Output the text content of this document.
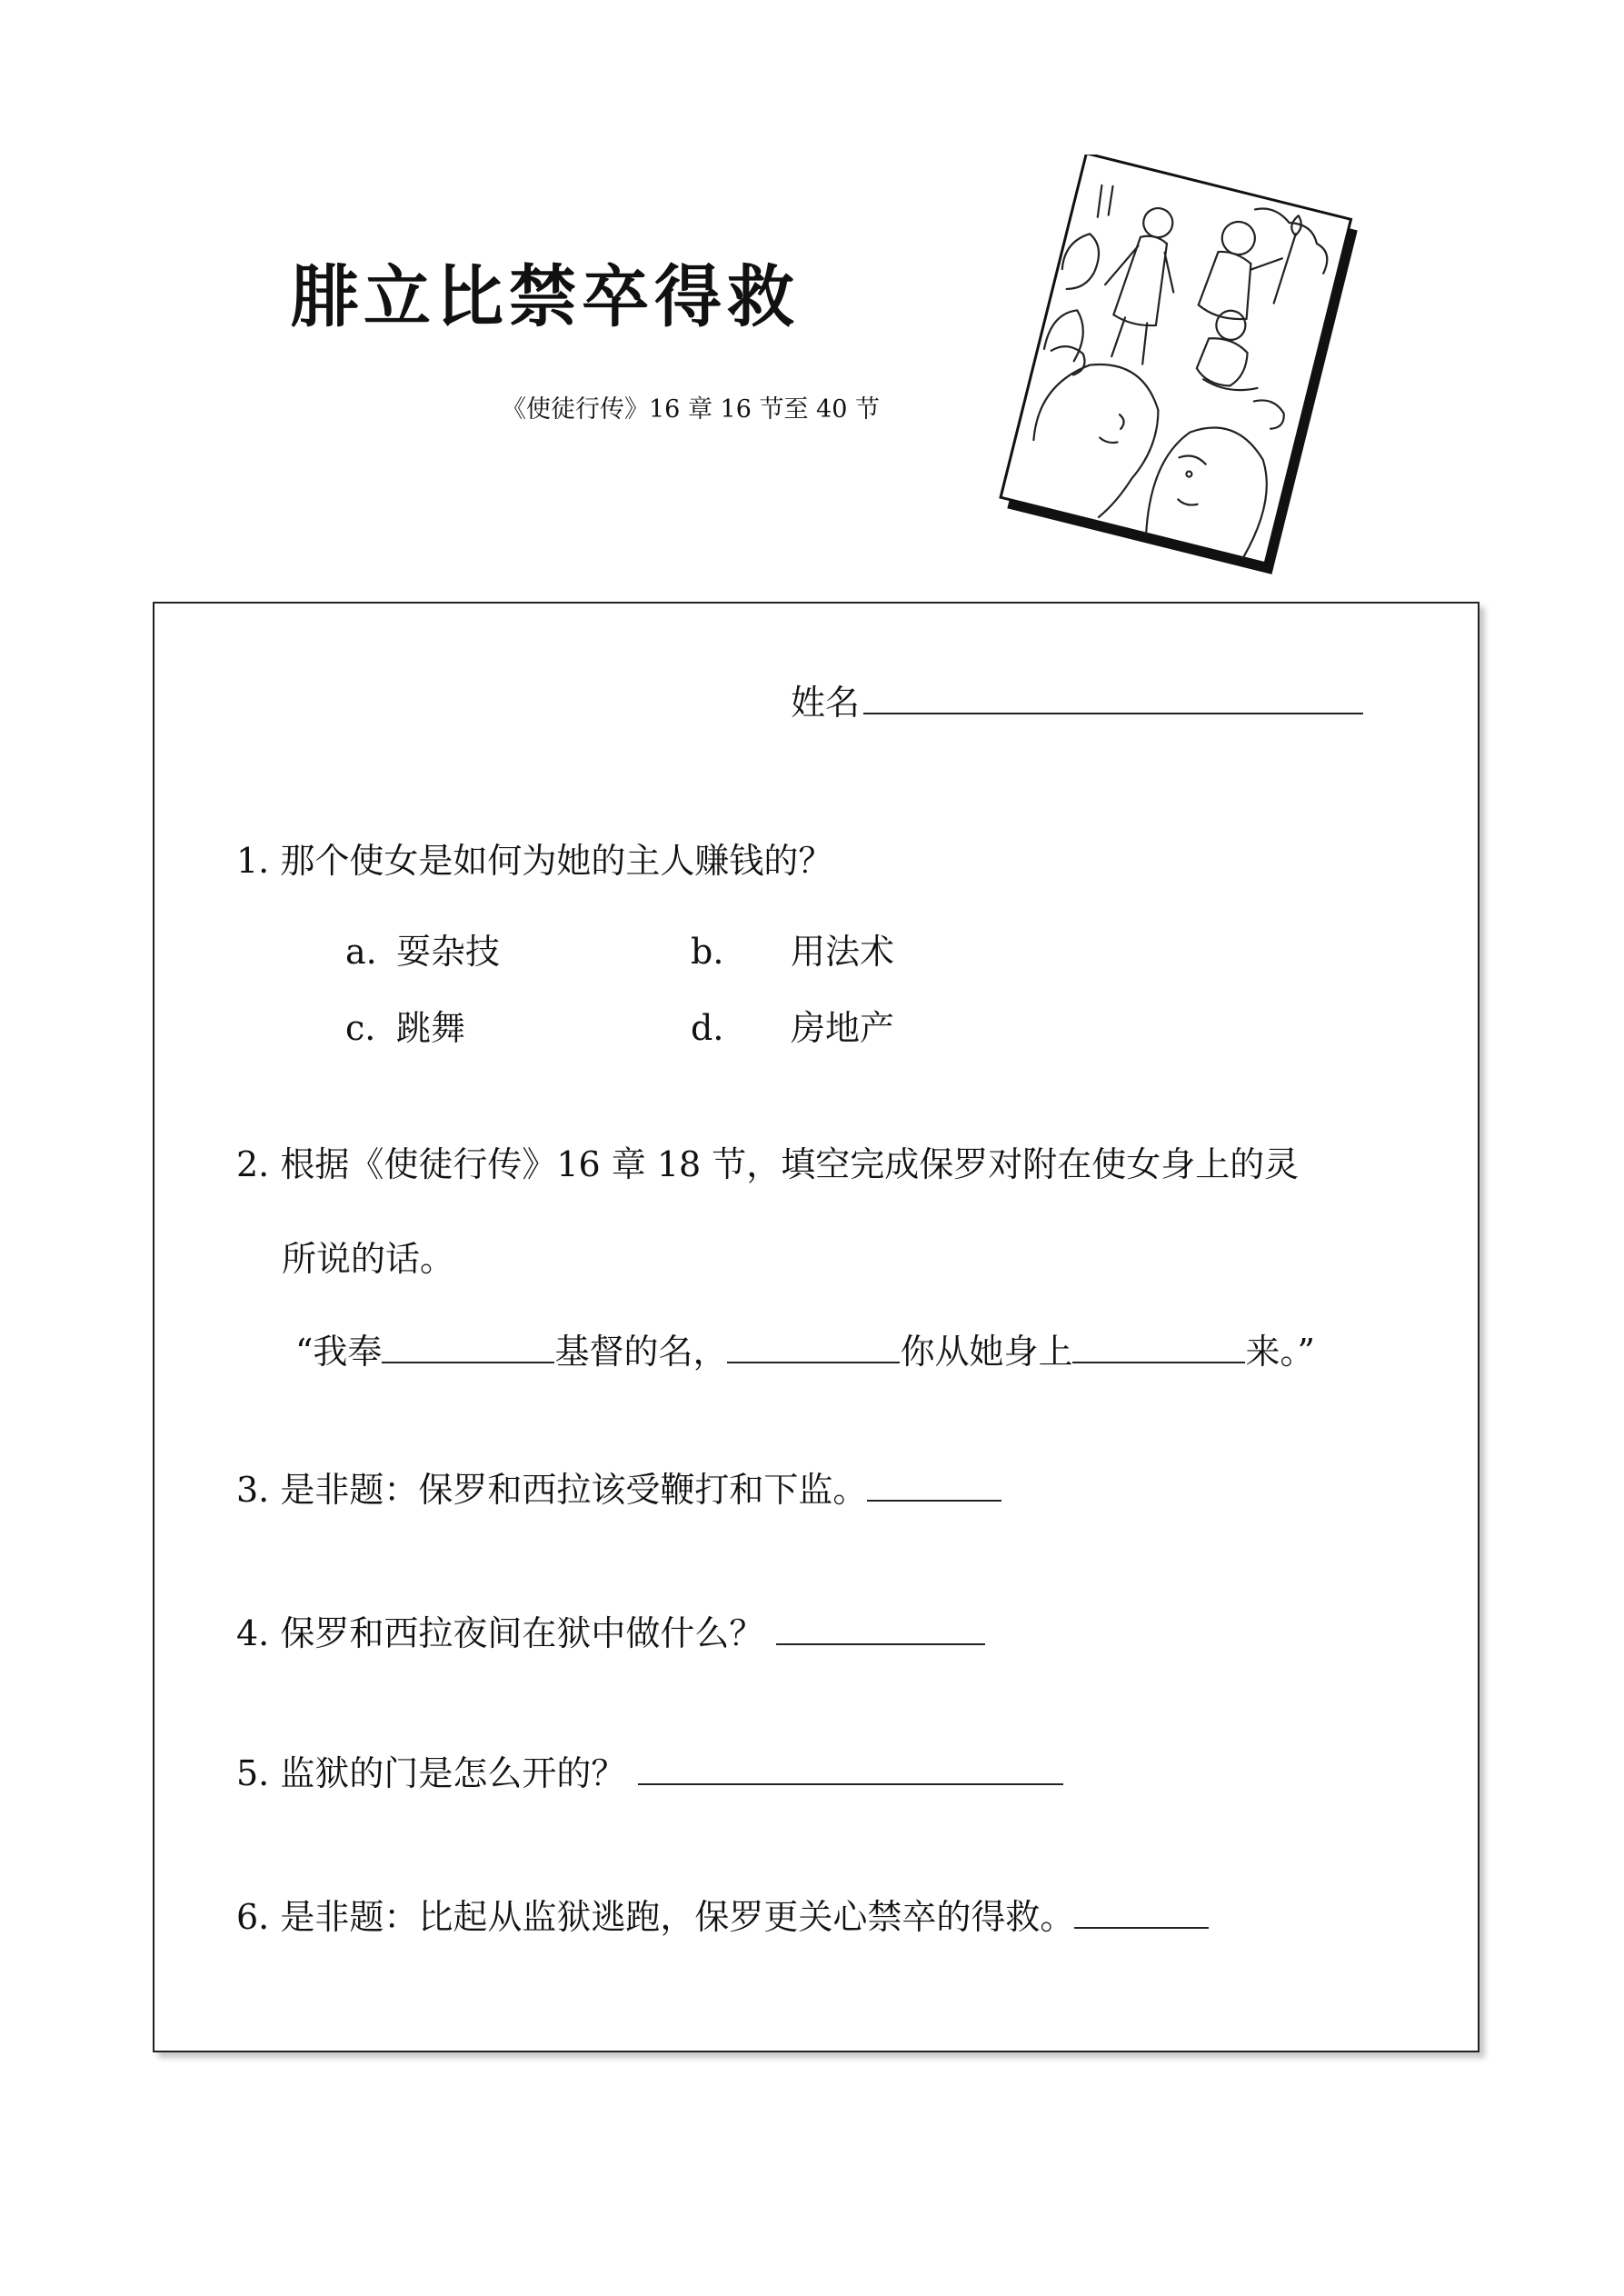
腓立比禁卒得救
《使徒行传》16 章 16 节至 40 节
姓名
1. 那个使女是如何为她的主人赚钱的？
a. 耍杂技	b. 用法术
c. 跳舞	d. 房地产
2. 根据《使徒行传》16 章 18 节，填空完成保罗对附在使女身上的灵
所说的话。
“我奉	基督的名，	你从她身上	来。”
3. 是非题：保罗和西拉该受鞭打和下监。
4. 保罗和西拉夜间在狱中做什么？
5. 监狱的门是怎么开的？
6. 是非题：比起从监狱逃跑，保罗更关心禁卒的得救。
